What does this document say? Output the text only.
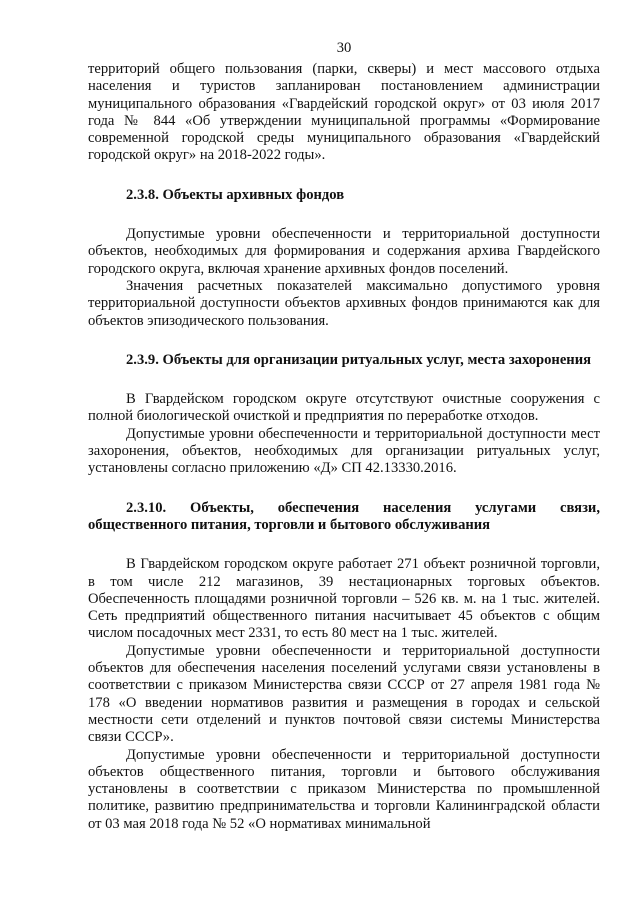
30

территорий общего пользования (парки, скверы) и мест массового отдыха населения и туристов запланирован постановлением администрации муниципального образования «Гвардейский городской округ» от 03 июля 2017 года № 844 «Об утверждении муниципальной программы «Формирование современной городской среды муниципального образования «Гвардейский городской округ» на 2018-2022 годы».

2.3.8. Объекты архивных фондов

Допустимые уровни обеспеченности и территориальной доступности объектов, необходимых для формирования и содержания архива Гвардейского городского округа, включая хранение архивных фондов поселений.

Значения расчетных показателей максимально допустимого уровня территориальной доступности объектов архивных фондов принимаются как для объектов эпизодического пользования.

2.3.9. Объекты для организации ритуальных услуг, места захоронения

В Гвардейском городском округе отсутствуют очистные сооружения с полной биологической очисткой и предприятия по переработке отходов.

Допустимые уровни обеспеченности и территориальной доступности мест захоронения, объектов, необходимых для организации ритуальных услуг, установлены согласно приложению «Д» СП 42.13330.2016.

2.3.10. Объекты, обеспечения населения услугами связи, общественного питания, торговли и бытового обслуживания

В Гвардейском городском округе работает 271 объект розничной торговли, в том числе 212 магазинов, 39 нестационарных торговых объектов. Обеспеченность площадями розничной торговли – 526 кв. м. на 1 тыс. жителей. Сеть предприятий общественного питания насчитывает 45 объектов с общим числом посадочных мест 2331, то есть 80 мест на 1 тыс. жителей.

Допустимые уровни обеспеченности и территориальной доступности объектов для обеспечения населения поселений услугами связи установлены в соответствии с приказом Министерства связи СССР от 27 апреля 1981 года № 178 «О введении нормативов развития и размещения в городах и сельской местности сети отделений и пунктов почтовой связи системы Министерства связи СССР».

Допустимые уровни обеспеченности и территориальной доступности объектов общественного питания, торговли и бытового обслуживания установлены в соответствии с приказом Министерства по промышленной политике, развитию предпринимательства и торговли Калининградской области от 03 мая 2018 года № 52 «О нормативах минимальной
